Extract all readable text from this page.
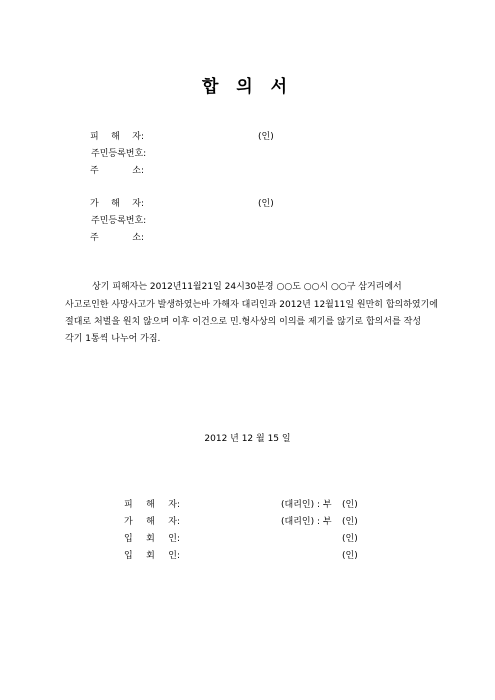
합 의 서
피 해 자:	(인)
주민등록번호:
주 소:
가 해 자:	(인)
주민등록번호:
주 소:
상기 피해자는 2012년11월21일 24시30분경 ○○도 ○○시 ○○구 삼거리에서
사고로인한 사망사고가 발생하였는바 가해자 대리인과 2012년 12월11일 원만히 합의하였기에
절대로 처벌을 원치 않으며 이후 이건으로 민.형사상의 이의를 제기를 않기로 합의서를 작성
각기 1통씩 나누어 가짐.
2012 년 12 월 15 일
피 해 자:	(대리인) : 부 (인)
가 해 자:	(대리인) : 부 (인)
입 회 인:	(인)
입 회 인:	(인)
